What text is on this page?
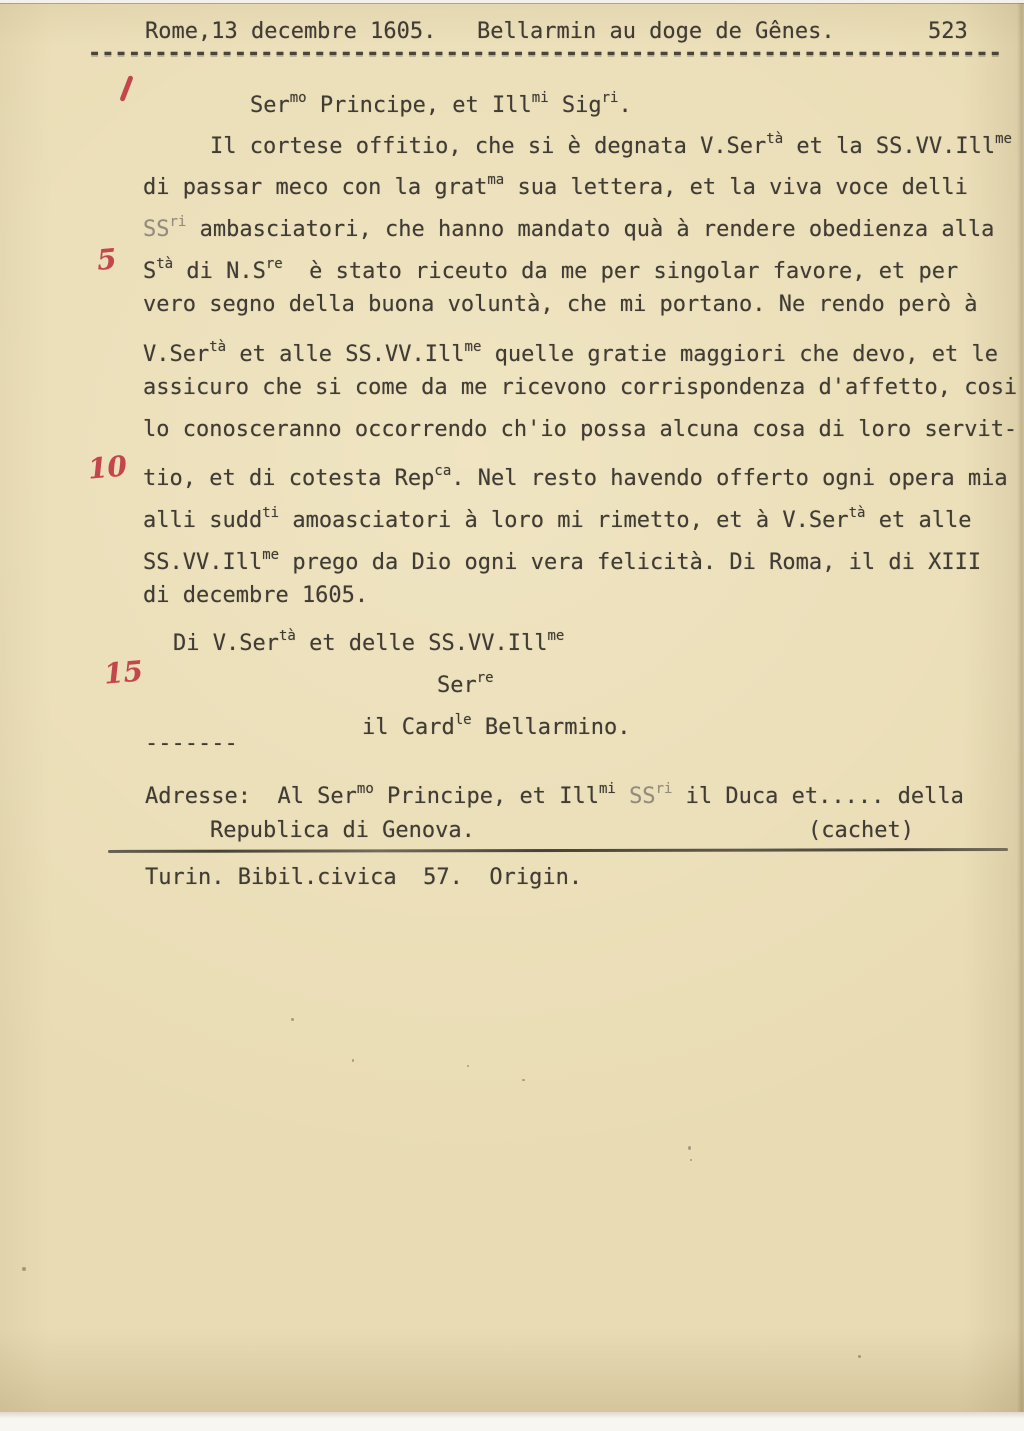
Rome,13 decembre 1605. Bellarmin au doge de Gênes.	523
---------------------------------------------------------------------
Ser$^{mo}$ Principe, et Ill$^{mi}$ Sig$^{ri}$.
Il cortese offitio, che si è degnata V.Ser$^{tà}$ et la SS.VV.Ill$^{me}$
di passar meco con la grat$^{ma}$ sua lettera, et la viva voce delli
$SS^{ri}$ ambasciatori, che hanno mandato quà à rendere obedienza alla
$S^{tà}$ di $N.S^{re}$  è stato riceuto da me per singolar favore, et per
vero segno della buona voluntà, che mi portano. Ne rendo però à
V.Ser$^{tà}$ et alle SS.VV.Ill$^{me}$ quelle gratie maggiori che devo, et le
assicuro che si come da me ricevono corrispondenza d'affetto, cosi
lo conosceranno occorrendo ch'io possa alcuna cosa di loro servit-
tio, et di cotesta Rep$^{ca}$. Nel resto havendo offerto ogni opera mia
alli sudd$^{ti}$ amoasciatori à loro mi rimetto, et à V.Ser$^{tà}$ et alle
SS.VV.Ill$^{me}$ prego da Dio ogni vera felicità. Di Roma, il di XIII
di decembre 1605.
Di V.Ser$^{tà}$ et delle SS.VV.Ill$^{me}$
Ser$^{re}$
il Card$^{le}$ Bellarmino.
-------
Adresse:  Al Ser$^{mo}$ Principe, et Ill$^{mi}$ $SS^{ri}$ il Duca et..... della
Republica di Genova.	(cachet)
Turin. Bibil.civica  57.  Origin.
5
10
15
